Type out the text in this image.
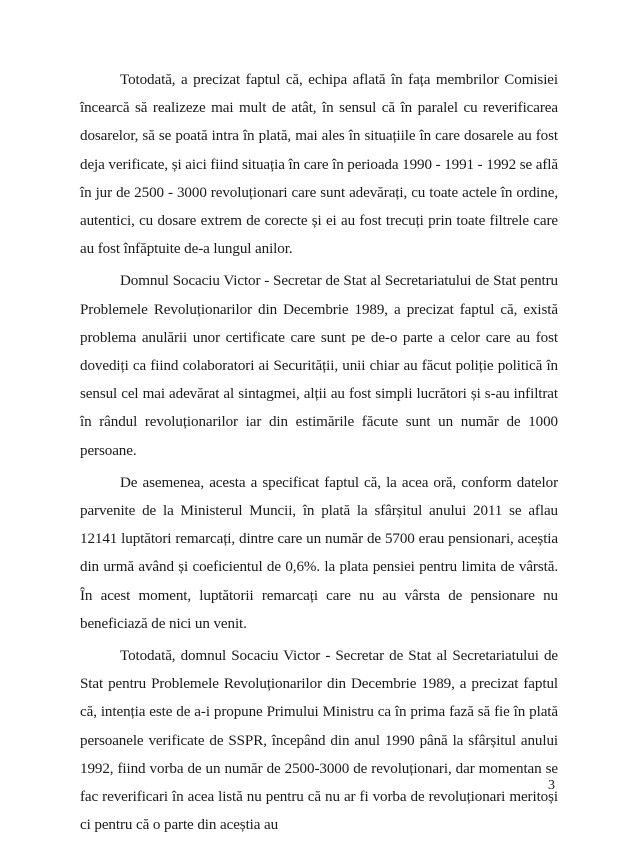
Totodată, a precizat faptul că, echipa aflată în fața membrilor Comisiei încearcă să realizeze mai mult de atât, în sensul că în paralel cu reverificarea dosarelor, să se poată intra în plată, mai ales în situațiile în care dosarele au fost deja verificate, și aici fiind situația în care în perioada 1990 - 1991 - 1992 se află în jur de 2500 - 3000 revoluționari care sunt adevărați, cu toate actele în ordine, autentici, cu dosare extrem de corecte și ei au fost trecuți prin toate filtrele care au fost înfăptuite de-a lungul anilor.

Domnul Socaciu Victor - Secretar de Stat al Secretariatului de Stat pentru Problemele Revoluționarilor din Decembrie 1989, a precizat faptul că, există problema anulării unor certificate care sunt pe de-o parte a celor care au fost dovediți ca fiind colaboratori ai Securității, unii chiar au făcut poliție politică în sensul cel mai adevărat al sintagmei, alții au fost simpli lucrători și s-au infiltrat în rândul revoluționarilor iar din estimările făcute sunt un număr de 1000 persoane.

De asemenea, acesta a specificat faptul că, la acea oră, conform datelor parvenite de la Ministerul Muncii, în plată la sfârșitul anului 2011 se aflau 12141 luptători remarcați, dintre care un număr de 5700 erau pensionari, aceștia din urmă având și coeficientul de 0,6%. la plata pensiei pentru limita de vârstă. În acest moment, luptătorii remarcați care nu au vârsta de pensionare nu beneficiază de nici un venit.

Totodată, domnul Socaciu Victor - Secretar de Stat al Secretariatului de Stat pentru Problemele Revoluționarilor din Decembrie 1989, a precizat faptul că, intenția este de a-i propune Primului Ministru ca în prima fază să fie în plată persoanele verificate de SSPR, începând din anul 1990 până la sfârșitul anului 1992, fiind vorba de un număr de 2500-3000 de revoluționari, dar momentan se fac reverificari în acea listă nu pentru că nu ar fi vorba de revoluționari meritoși ci pentru că o parte din aceștia au

3
